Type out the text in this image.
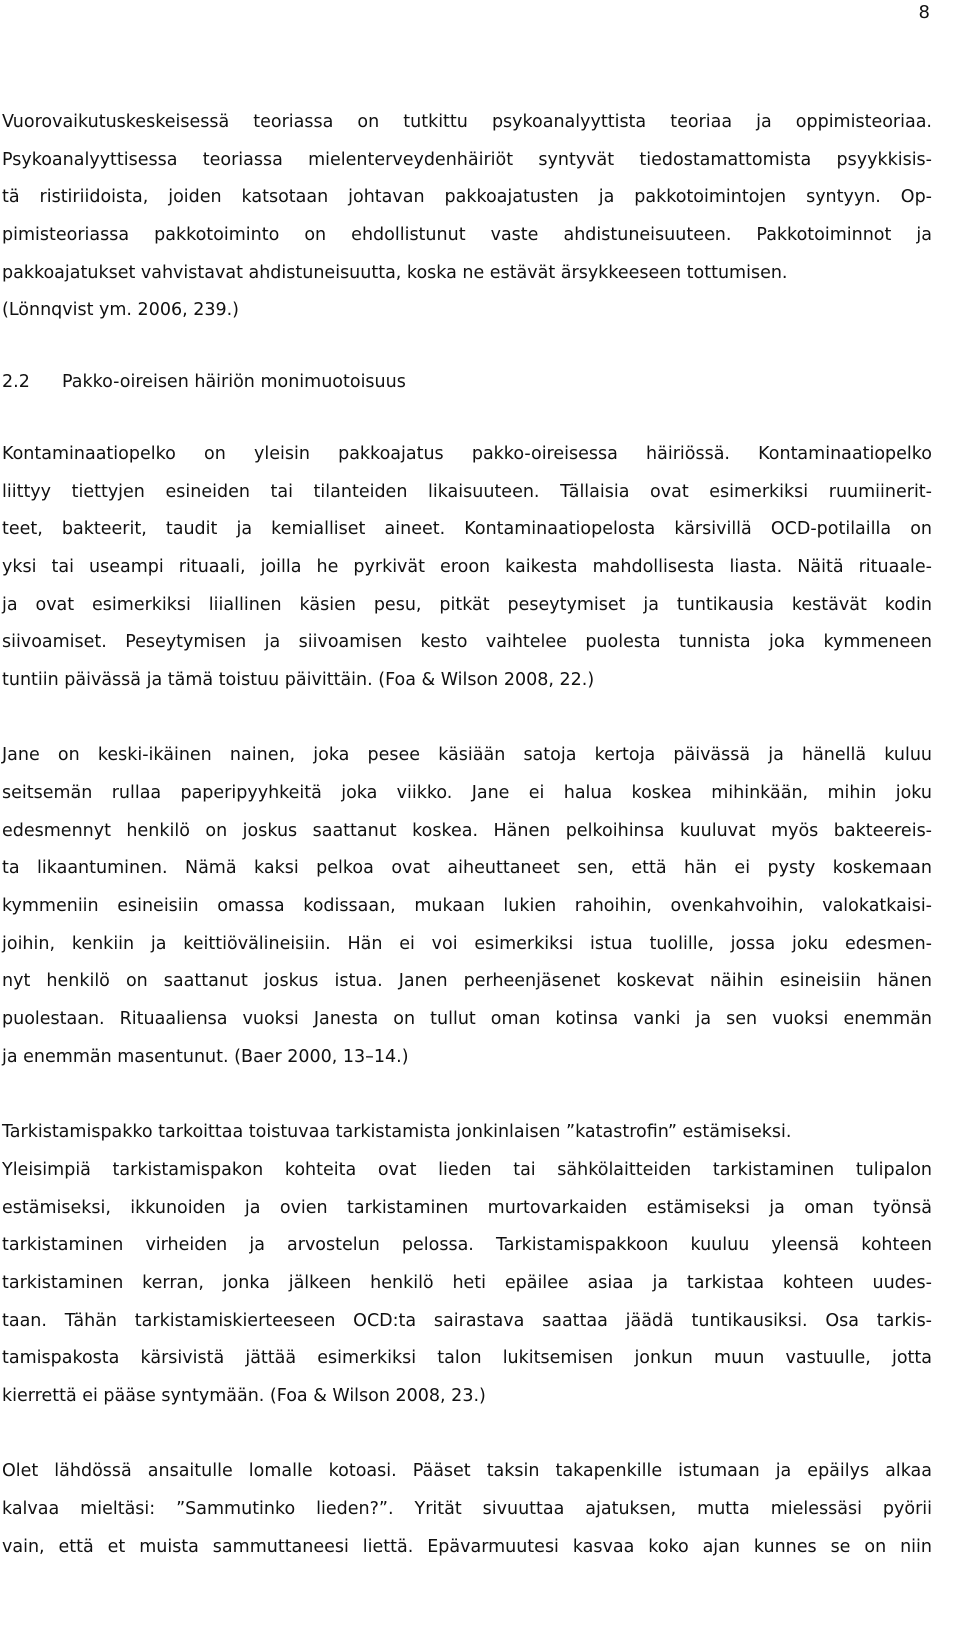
8
Vuorovaikutuskeskeisessä teoriassa on tutkittu psykoanalyyttista teoriaa ja oppimisteoriaa.
Psykoanalyyttisessa teoriassa mielenterveydenhäiriöt syntyvät tiedostamattomista psyykkisis-
tä ristiriidoista, joiden katsotaan johtavan pakkoajatusten ja pakkotoimintojen syntyyn. Op-
pimisteoriassa pakkotoiminto on ehdollistunut vaste ahdistuneisuuteen. Pakkotoiminnot ja
pakkoajatukset vahvistavat ahdistuneisuutta, koska ne estävät ärsykkeeseen tottumisen.
(Lönnqvist ym. 2006, 239.)
2.2 Pakko-oireisen häiriön monimuotoisuus
Kontaminaatiopelko on yleisin pakkoajatus pakko-oireisessa häiriössä. Kontaminaatiopelko
liittyy tiettyjen esineiden tai tilanteiden likaisuuteen. Tällaisia ovat esimerkiksi ruumiinerit-
teet, bakteerit, taudit ja kemialliset aineet. Kontaminaatiopelosta kärsivillä OCD-potilailla on
yksi tai useampi rituaali, joilla he pyrkivät eroon kaikesta mahdollisesta liasta. Näitä rituaale-
ja ovat esimerkiksi liiallinen käsien pesu, pitkät peseytymiset ja tuntikausia kestävät kodin
siivoamiset. Peseytymisen ja siivoamisen kesto vaihtelee puolesta tunnista joka kymmeneen
tuntiin päivässä ja tämä toistuu päivittäin. (Foa & Wilson 2008, 22.)
Jane on keski-ikäinen nainen, joka pesee käsiään satoja kertoja päivässä ja hänellä kuluu
seitsemän rullaa paperipyyhkeitä joka viikko. Jane ei halua koskea mihinkään, mihin joku
edesmennyt henkilö on joskus saattanut koskea. Hänen pelkoihinsa kuuluvat myös bakteereis-
ta likaantuminen. Nämä kaksi pelkoa ovat aiheuttaneet sen, että hän ei pysty koskemaan
kymmeniin esineisiin omassa kodissaan, mukaan lukien rahoihin, ovenkahvoihin, valokatkaisi-
joihin, kenkiin ja keittiövälineisiin. Hän ei voi esimerkiksi istua tuolille, jossa joku edesmen-
nyt henkilö on saattanut joskus istua. Janen perheenjäsenet koskevat näihin esineisiin hänen
puolestaan. Rituaaliensa vuoksi Janesta on tullut oman kotinsa vanki ja sen vuoksi enemmän
ja enemmän masentunut. (Baer 2000, 13–14.)
Tarkistamispakko tarkoittaa toistuvaa tarkistamista jonkinlaisen ”katastrofin” estämiseksi.
Yleisimpiä tarkistamispakon kohteita ovat lieden tai sähkölaitteiden tarkistaminen tulipalon
estämiseksi, ikkunoiden ja ovien tarkistaminen murtovarkaiden estämiseksi ja oman työnsä
tarkistaminen virheiden ja arvostelun pelossa. Tarkistamispakkoon kuuluu yleensä kohteen
tarkistaminen kerran, jonka jälkeen henkilö heti epäilee asiaa ja tarkistaa kohteen uudes-
taan. Tähän tarkistamiskierteeseen OCD:ta sairastava saattaa jäädä tuntikausiksi. Osa tarkis-
tamispakosta kärsivistä jättää esimerkiksi talon lukitsemisen jonkun muun vastuulle, jotta
kierrettä ei pääse syntymään. (Foa & Wilson 2008, 23.)
Olet lähdössä ansaitulle lomalle kotoasi. Pääset taksin takapenkille istumaan ja epäilys alkaa
kalvaa mieltäsi: ”Sammutinko lieden?”. Yrität sivuuttaa ajatuksen, mutta mielessäsi pyörii
vain, että et muista sammuttaneesi liettä. Epävarmuutesi kasvaa koko ajan kunnes se on niin
